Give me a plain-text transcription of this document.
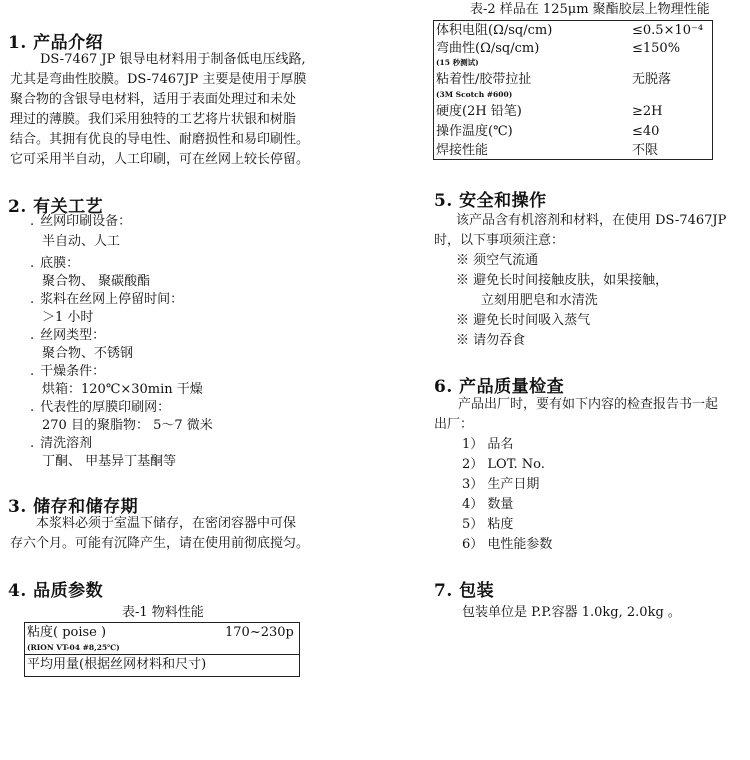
1. 产品介绍
DS-7467 JP 银导电材料用于制备低电压线路,
尤其是弯曲性胶膜。DS-7467JP 主要是使用于厚膜
聚合物的含银导电材料，适用于表面处理过和未处
理过的薄膜。我们采用独特的工艺将片状银和树脂
结合。其拥有优良的导电性、耐磨损性和易印刷性。
它可采用半自动，人工印刷，可在丝网上较长停留。
2. 有关工艺
. 丝网印刷设备：
半自动、人工
. 底膜：
聚合物、 聚碳酸酯
. 浆料在丝网上停留时间：
＞1 小时
. 丝网类型：
聚合物、不锈钢
. 干燥条件：
烘箱：120℃×30min 干燥
. 代表性的厚膜印刷网：
270 目的聚脂物： 5～7 微米
. 清洗溶剂
丁酮、 甲基异丁基酮等
3. 储存和储存期
本浆料必须于室温下储存，在密闭容器中可保
存六个月。可能有沉降产生，请在使用前彻底搅匀。
4. 品质参数
表-1 物料性能
粘度( poise )	170~230p
(RION VT-04 #8,25℃)
平均用量(根据丝网材料和尺寸)
表-2 样品在 125μm 聚酯胶层上物理性能
体积电阻(Ω/sq/cm)	≤0.5×10⁻⁴
弯曲性(Ω/sq/cm)	≤150%
(15 秒测试)
粘着性/胶带拉扯	无脱落
(3M Scotch #600)
硬度(2H 铅笔)	≥2H
操作温度(℃)	≤40
焊接性能	不限
5. 安全和操作
该产品含有机溶剂和材料，在使用 DS-7467JP
时，以下事项须注意：
※ 须空气流通
※ 避免长时间接触皮肤，如果接触，
立刻用肥皂和水清洗
※ 避免长时间吸入蒸气
※ 请勿吞食
6. 产品质量检查
产品出厂时，要有如下内容的检查报告书一起
出厂：
1） 品名
2） LOT. No.
3） 生产日期
4） 数量
5） 粘度
6） 电性能参数
7. 包装
包装单位是 P.P.容器 1.0kg, 2.0kg 。
